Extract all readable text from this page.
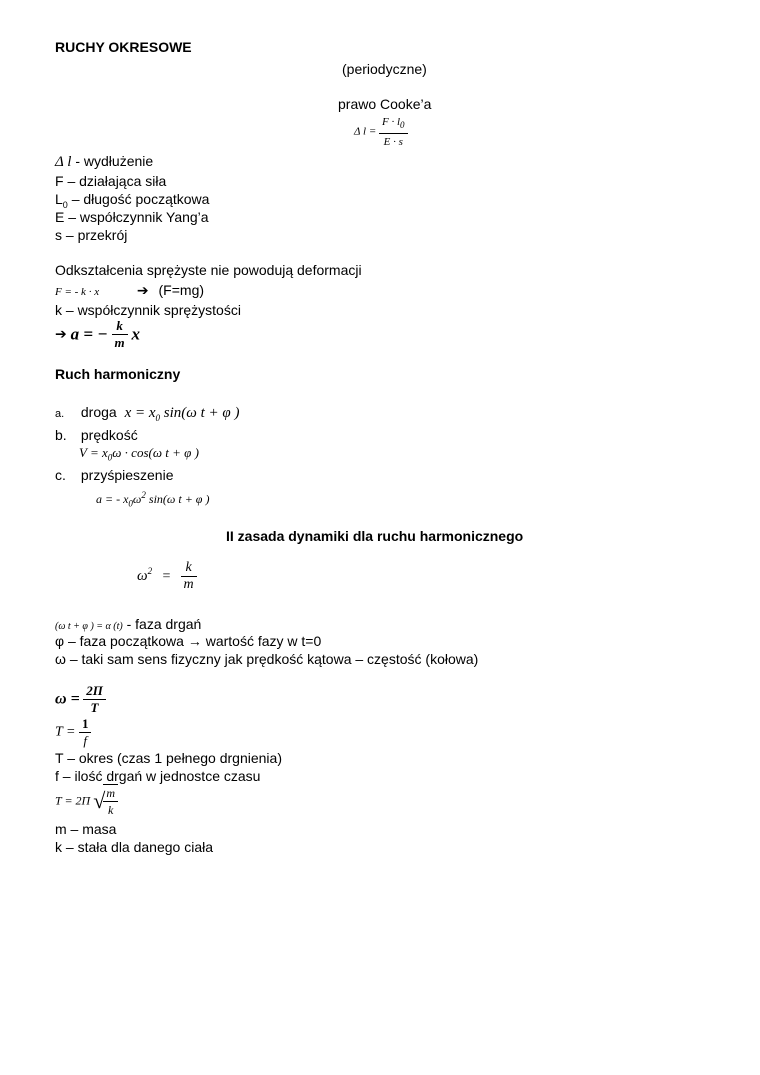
RUCHY OKRESOWE
(periodyczne)
prawo Cooke’a
Δ $l = \frac{F \cdot l_0}{E \cdot s}$
Δ l - wydłużenie
F – działająca siła
$L_0$ – długość początkowa
E – współczynnik Yang’a
s – przekrój
Odkształcenia sprężyste nie powodują deformacji
F = - k · x	➔ (F=mg)
k – współczynnik sprężystości
➔ a = − $\frac{k}{m}$ x
Ruch harmoniczny
a. droga $x = x_0$ sin(ω t + φ )
b. prędkość
$V = x_0\omega \cdot \cos(\omega$ t + φ )
c. przyśpieszenie
a = - $x_0\omega^2$ sin(ω t + φ )
II zasada dynamiki dla ruchu harmonicznego
$\omega^2 = \frac{k}{m}$
(ω t + φ ) = α (t) - faza drgań
φ – faza początkowa → wartość fazy w t=0
ω – taki sam sens fizyczny jak prędkość kątowa – częstość (kołowa)
$\omega = \frac{2\Pi}{T}$
$T = \frac{1}{f}$
T – okres (czas 1 pełnego drgnienia)
f – ilość drgań w jednostce czasu
T = 2Π √
$\frac{m}{k}$
m – masa
k – stała dla danego ciała
